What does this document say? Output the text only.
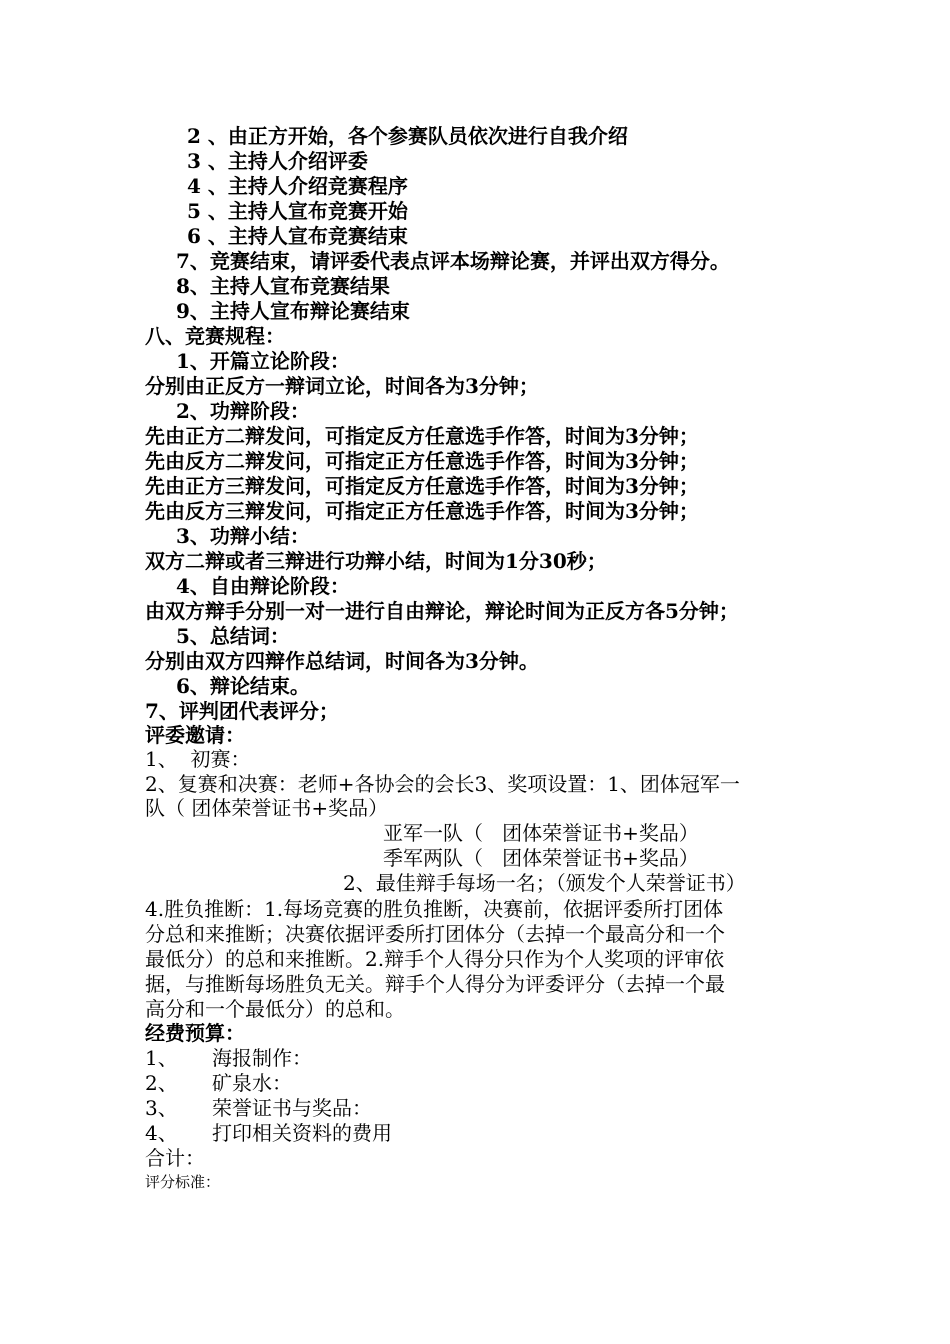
2 、由正方开始，各个参赛队员依次进行自我介绍
3 、主持人介绍评委
4 、主持人介绍竞赛程序
5 、主持人宣布竞赛开始
6 、主持人宣布竞赛结束
7、竞赛结束，请评委代表点评本场辩论赛，并评出双方得分。
8、主持人宣布竞赛结果
9、主持人宣布辩论赛结束
八、竞赛规程：
1、开篇立论阶段：
分别由正反方一辩词立论，时间各为3分钟；
2、功辩阶段：
先由正方二辩发问，可指定反方任意选手作答，时间为3分钟；
先由反方二辩发问，可指定正方任意选手作答，时间为3分钟；
先由正方三辩发问，可指定反方任意选手作答，时间为3分钟；
先由反方三辩发问，可指定正方任意选手作答，时间为3分钟；
3、功辩小结：
双方二辩或者三辩进行功辩小结，时间为1分30秒；
4、自由辩论阶段：
由双方辩手分别一对一进行自由辩论，辩论时间为正反方各5分钟；
5、总结词：
分别由双方四辩作总结词，时间各为3分钟。
6、辩论结束。
7、评判团代表评分；
评委邀请：
1、  初赛：
2、复赛和决赛：老师+各协会的会长3、奖项设置：1、团体冠军一
队（ 团体荣誉证书+奖品）
亚军一队（   团体荣誉证书+奖品）
季军两队（   团体荣誉证书+奖品）
2、最佳辩手每场一名；（颁发个人荣誉证书）
4.胜负推断：1.每场竞赛的胜负推断，决赛前，依据评委所打团体
分总和来推断；决赛依据评委所打团体分（去掉一个最高分和一个
最低分）的总和来推断。2.辩手个人得分只作为个人奖项的评审依
据，与推断每场胜负无关。辩手个人得分为评委评分（去掉一个最
高分和一个最低分）的总和。
经费预算：
1、 海报制作：
2、 矿泉水：
3、 荣誉证书与奖品：
4、 打印相关资料的费用
合计：
评分标准：
